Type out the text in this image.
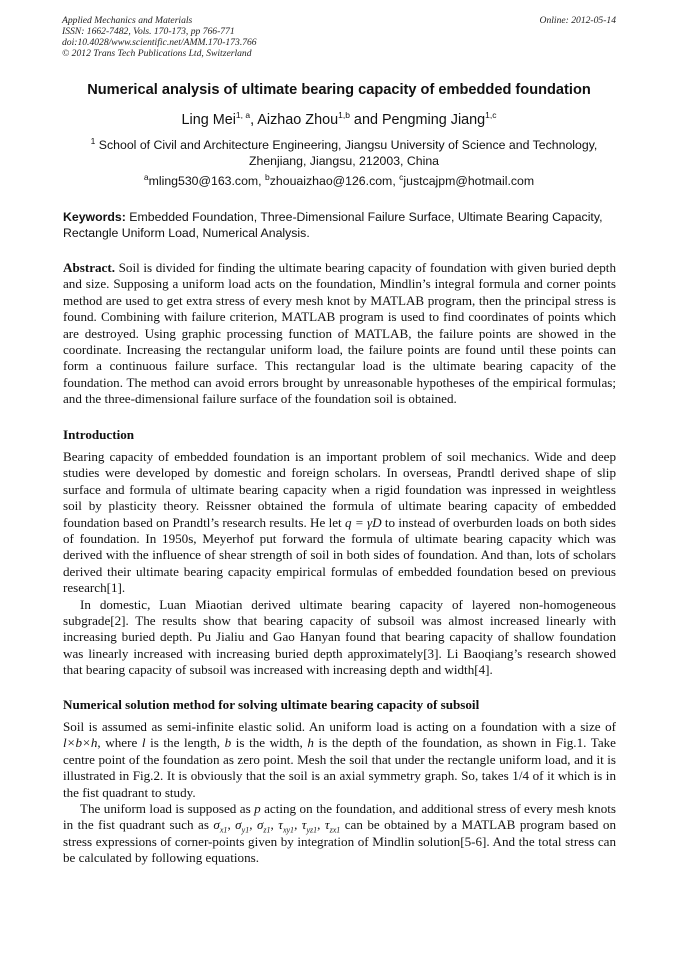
Applied Mechanics and Materials
ISSN: 1662-7482, Vols. 170-173, pp 766-771
doi:10.4028/www.scientific.net/AMM.170-173.766
© 2012 Trans Tech Publications Ltd, Switzerland
Online: 2012-05-14
Numerical analysis of ultimate bearing capacity of embedded foundation
Ling Mei$^{1, a}$, Aizhao Zhou$^{1,b}$ and Pengming Jiang$^{1,c}$
$^1$ School of Civil and Architecture Engineering, Jiangsu University of Science and Technology,
Zhenjiang, Jiangsu, 212003, China
$^a$mling530@163.com, $^b$zhouaizhao@126.com, $^c$justcajpm@hotmail.com
Keywords: Embedded Foundation, Three-Dimensional Failure Surface, Ultimate Bearing Capacity, Rectangle Uniform Load, Numerical Analysis.
Abstract. Soil is divided for finding the ultimate bearing capacity of foundation with given buried depth and size. Supposing a uniform load acts on the foundation, Mindlin’s integral formula and corner points method are used to get extra stress of every mesh knot by MATLAB program, then the principal stress is found. Combining with failure criterion, MATLAB program is used to find coordinates of points which are destroyed. Using graphic processing function of MATLAB, the failure points are showed in the coordinate. Increasing the rectangular uniform load, the failure points are found until these points can form a continuous failure surface. This rectangular load is the ultimate bearing capacity of the foundation. The method can avoid errors brought by unreasonable hypotheses of the empirical formulas; and the three-dimensional failure surface of the foundation soil is obtained.
Introduction

Bearing capacity of embedded foundation is an important problem of soil mechanics. Wide and deep studies were developed by domestic and foreign scholars. In overseas, Prandtl derived shape of slip surface and formula of ultimate bearing capacity when a rigid foundation was inpressed in weightless soil by plasticity theory. Reissner obtained the formula of ultimate bearing capacity of embedded foundation based on Prandtl’s research results. He let q = γD to instead of overburden loads on both sides of foundation. In 1950s, Meyerhof put forward the formula of ultimate bearing capacity which was derived with the influence of shear strength of soil in both sides of foundation. And than, lots of scholars derived their ultimate bearing capacity empirical formulas of embedded foundation besed on previous research[1].

In domestic, Luan Miaotian derived ultimate bearing capacity of layered non-homogeneous subgrade[2]. The results show that bearing capacity of subsoil was almost increased linearly with increasing buried depth. Pu Jialiu and Gao Hanyan found that bearing capacity of shallow foundation was linearly increased with increasing buried depth approximately[3]. Li Baoqiang’s research showed that bearing capacity of subsoil was increased with increasing depth and width[4].

Numerical solution method for solving ultimate bearing capacity of subsoil

Soil is assumed as semi-infinite elastic solid. An uniform load is acting on a foundation with a size of l×b×h, where l is the length, b is the width, h is the depth of the foundation, as shown in Fig.1. Take centre point of the foundation as zero point. Mesh the soil that under the rectangle uniform load, and it is illustrated in Fig.2. It is obviously that the soil is an axial symmetry graph. So, takes 1/4 of it which is in the fist quadrant to study.

The uniform load is supposed as p acting on the foundation, and additional stress of every mesh knots in the fist quadrant such as $\sigma_{x1}$, $\sigma_{y1}$, $\sigma_{z1}$, $\tau_{xy1}$, $\tau_{yz1}$, $\tau_{zx1}$ can be obtained by a MATLAB program based on stress expressions of corner-points given by integration of Mindlin solution[5-6]. And the total stress can be calculated by following equations.
